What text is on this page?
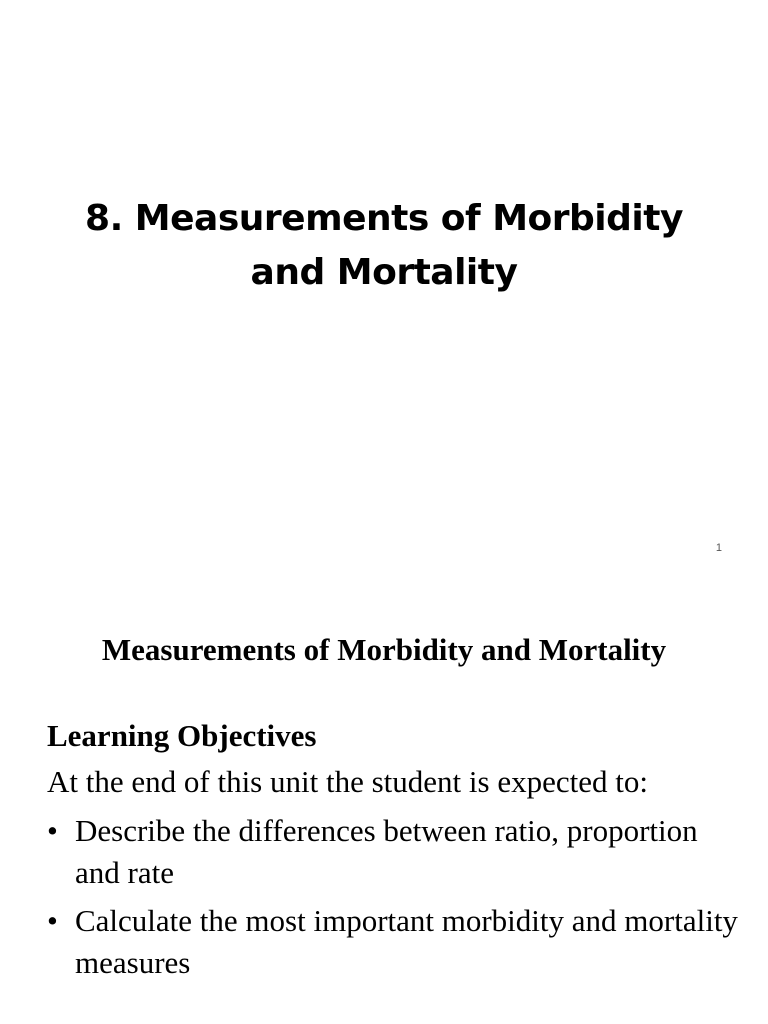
8. Measurements of Morbidity
and Mortality
1
Measurements of Morbidity and Mortality

Learning Objectives

At the end of this unit the student is expected to:

• Describe the differences between ratio, proportion and rate
• Calculate the most important morbidity and mortality measures
